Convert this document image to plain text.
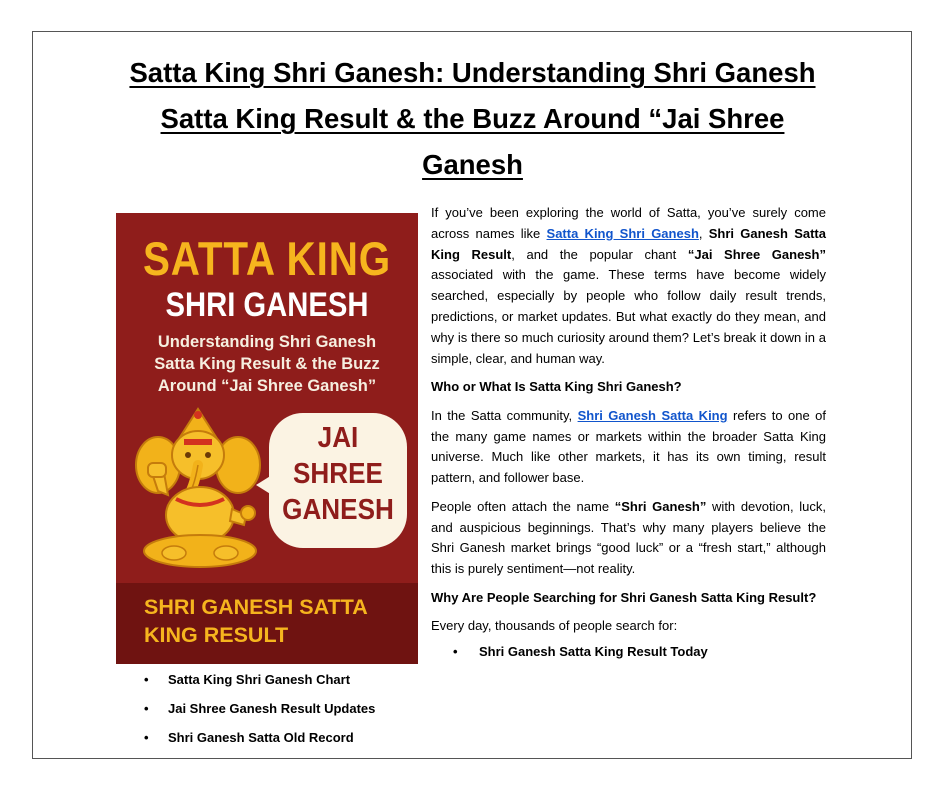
Satta King Shri Ganesh: Understanding Shri Ganesh
Satta King Result & the Buzz Around “Jai Shree
Ganesh
SATTA KING
SHRI GANESH
Understanding Shri Ganesh
Satta King Result & the Buzz
Around “Jai Shree Ganesh”
JAI
SHREE
GANESH
SHRI GANESH SATTA
KING RESULT

If you’ve been exploring the world of Satta, you’ve surely come across names like Satta King Shri Ganesh, Shri Ganesh Satta King Result, and the popular chant “Jai Shree Ganesh” associated with the game. These terms have become widely searched, especially by people who follow daily result trends, predictions, or market updates. But what exactly do they mean, and why is there so much curiosity around them? Let’s break it down in a simple, clear, and human way.

Who or What Is Satta King Shri Ganesh?

In the Satta community, Shri Ganesh Satta King refers to one of the many game names or markets within the broader Satta King universe. Much like other markets, it has its own timing, result pattern, and follower base.

People often attach the name “Shri Ganesh” with devotion, luck, and auspicious beginnings. That’s why many players believe the Shri Ganesh market brings “good luck” or a “fresh start,” although this is purely sentiment—not reality.

Why Are People Searching for Shri Ganesh Satta King Result?

Every day, thousands of people search for:

• Shri Ganesh Satta King Result Today
• Satta King Shri Ganesh Chart
• Jai Shree Ganesh Result Updates
• Shri Ganesh Satta Old Record
